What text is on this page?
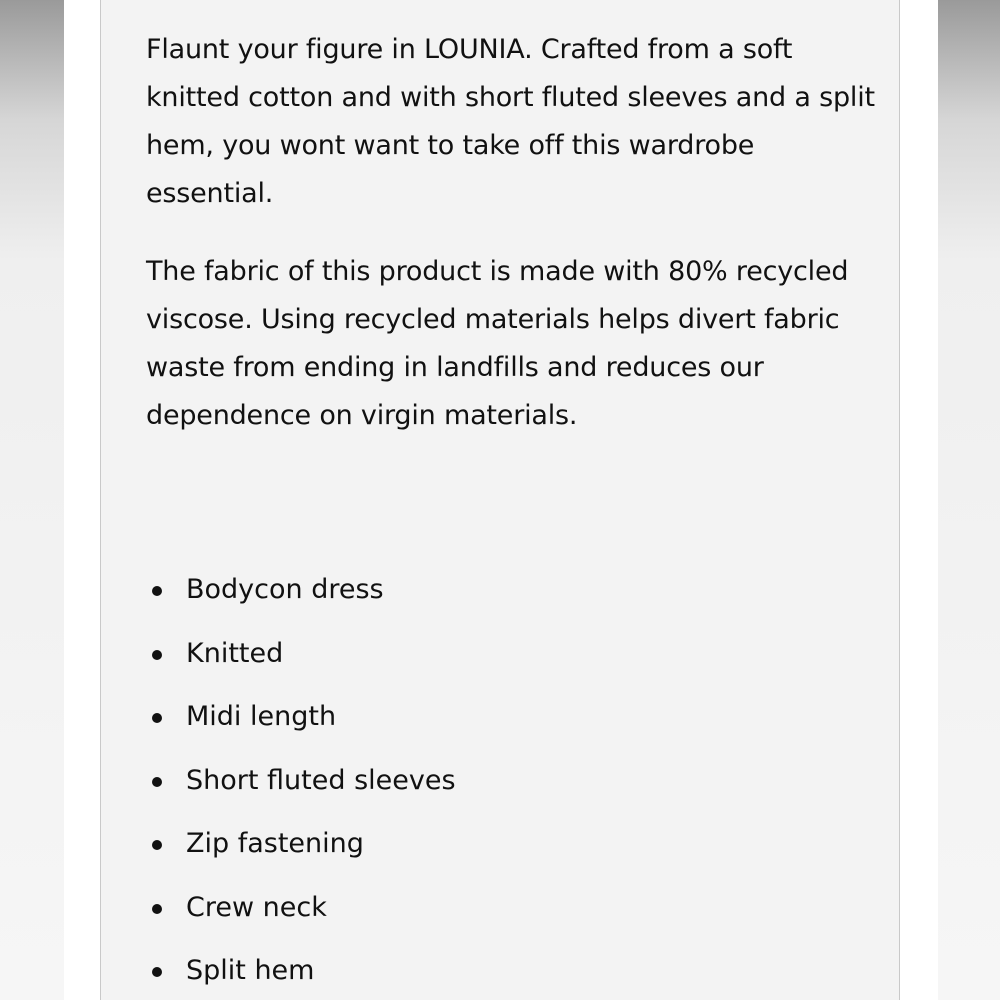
Flaunt your figure in LOUNIA. Crafted from a soft knitted cotton and with short fluted sleeves and a split hem, you wont want to take off this wardrobe essential.

The fabric of this product is made with 80% recycled viscose. Using recycled materials helps divert fabric waste from ending in landfills and reduces our dependence on virgin materials.

Bodycon dress
Knitted
Midi length
Short fluted sleeves
Zip fastening
Crew neck
Split hem
